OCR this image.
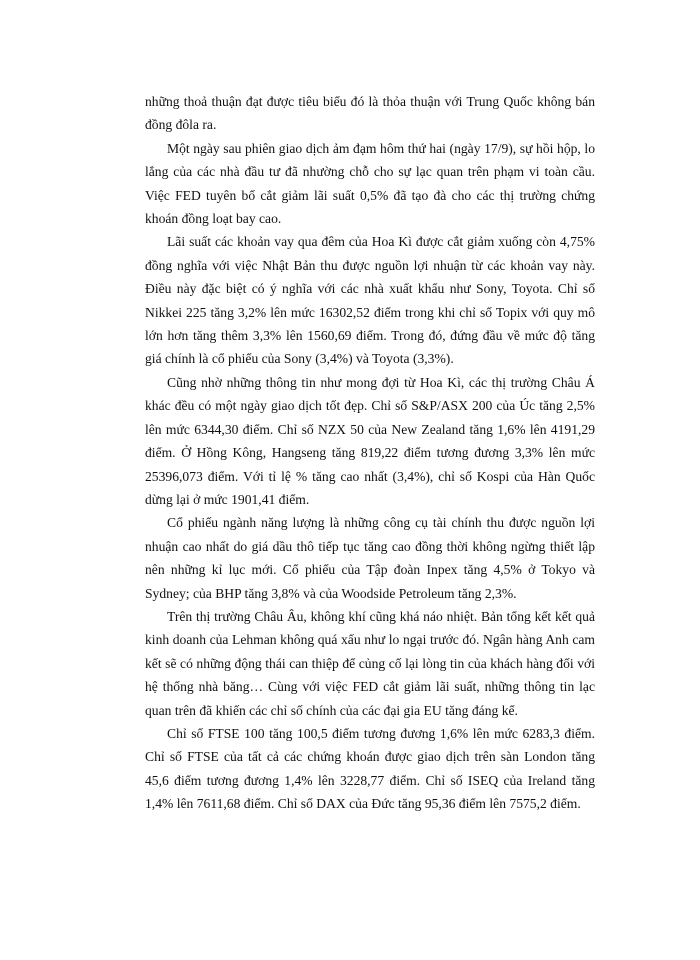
những thoả thuận đạt được tiêu biểu đó là thỏa thuận với Trung Quốc không bán đồng đôla ra.

Một ngày sau phiên giao dịch ảm đạm hôm thứ hai (ngày 17/9), sự hồi hộp, lo lắng của các nhà đầu tư đã nhường chỗ cho sự lạc quan trên phạm vi toàn cầu. Việc FED tuyên bố cắt giảm lãi suất 0,5% đã tạo đà cho các thị trường chứng khoán đồng loạt bay cao.

Lãi suất các khoản vay qua đêm của Hoa Kì được cắt giảm xuống còn 4,75% đồng nghĩa với việc Nhật Bản thu được nguồn lợi nhuận từ các khoản vay này. Điều này đặc biệt có ý nghĩa với các nhà xuất khẩu như Sony, Toyota. Chỉ số Nikkei 225 tăng 3,2% lên mức 16302,52 điểm trong khi chỉ số Topix với quy mô lớn hơn tăng thêm 3,3% lên 1560,69 điểm. Trong đó, đứng đầu về mức độ tăng giá chính là cổ phiếu của Sony (3,4%) và Toyota (3,3%).

Cũng nhờ những thông tin như mong đợi từ Hoa Kì, các thị trường Châu Á khác đều có một ngày giao dịch tốt đẹp. Chỉ số S&P/ASX 200 của Úc tăng 2,5% lên mức 6344,30 điểm. Chỉ số NZX 50 của New Zealand tăng 1,6% lên 4191,29 điểm. Ở Hồng Kông, Hangseng tăng 819,22 điểm tương đương 3,3% lên mức 25396,073 điểm. Với tỉ lệ % tăng cao nhất (3,4%), chỉ số Kospi của Hàn Quốc dừng lại ở mức 1901,41 điểm.

Cổ phiếu ngành năng lượng là những công cụ tài chính thu được nguồn lợi nhuận cao nhất do giá dầu thô tiếp tục tăng cao đồng thời không ngừng thiết lập nên những kỉ lục mới. Cổ phiếu của Tập đoàn Inpex tăng 4,5% ở Tokyo và Sydney; của BHP tăng 3,8% và của Woodside Petroleum tăng 2,3%.

Trên thị trường Châu Âu, không khí cũng khá náo nhiệt. Bản tổng kết kết quả kinh doanh của Lehman không quá xấu như lo ngại trước đó. Ngân hàng Anh cam kết sẽ có những động thái can thiệp để củng cố lại lòng tin của khách hàng đối với hệ thống nhà băng… Cùng với việc FED cắt giảm lãi suất, những thông tin lạc quan trên đã khiến các chỉ số chính của các đại gia EU tăng đáng kể.

Chỉ số FTSE 100 tăng 100,5 điểm tương đương 1,6% lên mức 6283,3 điểm. Chỉ số FTSE của tất cả các chứng khoán được giao dịch trên sàn London tăng 45,6 điểm tương đương 1,4% lên 3228,77 điểm. Chỉ số ISEQ của Ireland tăng 1,4% lên 7611,68 điểm. Chỉ số DAX của Đức tăng 95,36 điểm lên 7575,2 điểm.
